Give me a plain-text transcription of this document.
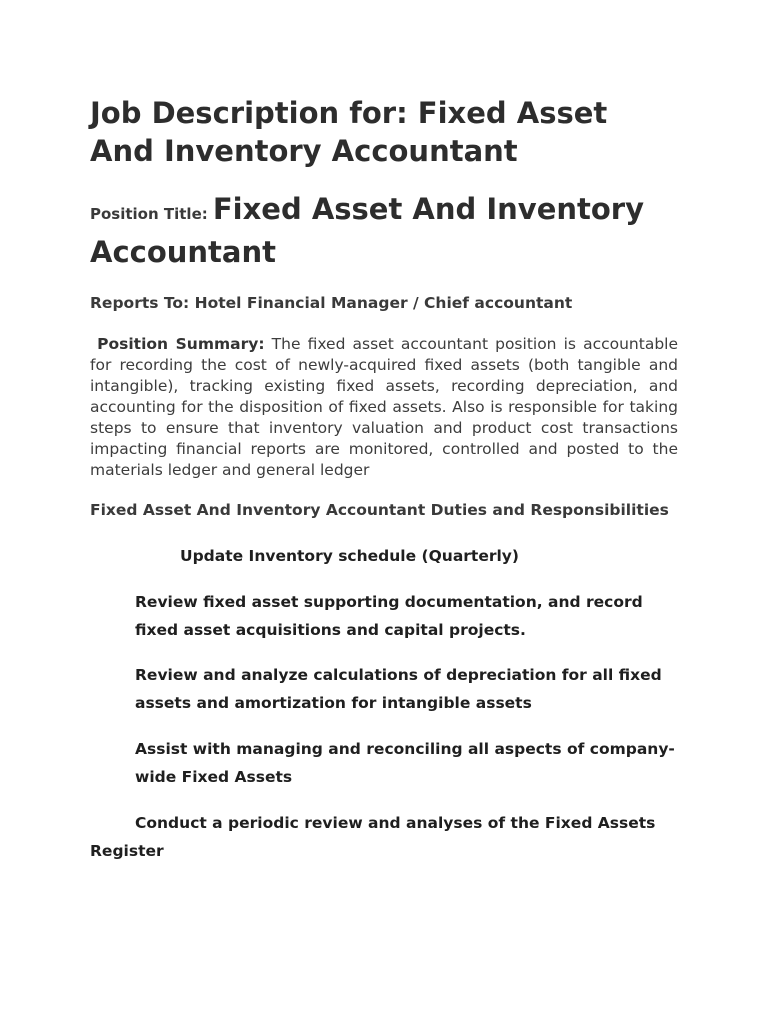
Job Description for: Fixed Asset And Inventory Accountant
Position Title: Fixed Asset And Inventory Accountant
Reports To: Hotel Financial Manager / Chief accountant
Position Summary: The fixed asset accountant position is accountable for recording the cost of newly-acquired fixed assets (both tangible and intangible), tracking existing fixed assets, recording depreciation, and accounting for the disposition of fixed assets. Also is responsible for taking steps to ensure that inventory valuation and product cost transactions impacting financial reports are monitored, controlled and posted to the materials ledger and general ledger
Fixed Asset And Inventory Accountant Duties and Responsibilities
Update Inventory schedule (Quarterly)
Review fixed asset supporting documentation, and record fixed asset acquisitions and capital projects.
Review and analyze calculations of depreciation for all fixed assets and amortization for intangible assets
Assist with managing and reconciling all aspects of company-wide Fixed Assets
Conduct a periodic review and analyses of the Fixed Assets Register
